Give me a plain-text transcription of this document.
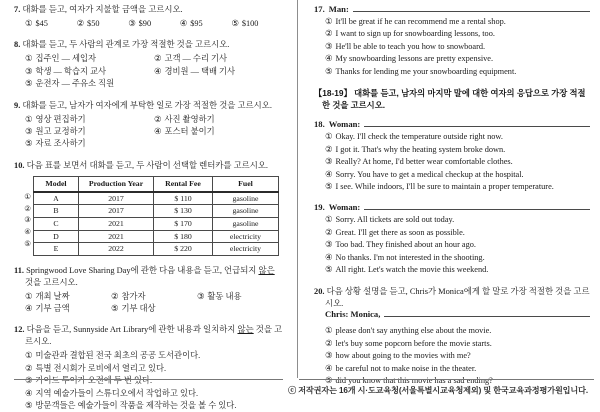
7. 대화를 듣고, 여자가 지불할 금액을 고르시오.
① $45	② $50	③ $90	④ $95	⑤ $100
8. 대화를 듣고, 두 사람의 관계로 가장 적절한 것을 고르시오.
① 집주인 — 세입자	② 고객 — 수리 기사
③ 학생 — 학습지 교사	④ 경비원 — 택배 기사
⑤ 운전자 — 주유소 직원
9. 대화를 듣고, 남자가 여자에게 부탁한 일로 가장 적절한 것을 고르시오.
① 영상 편집하기	② 사진 촬영하기
③ 원고 교정하기	④ 포스터 붙이기
⑤ 자료 조사하기
10. 다음 표를 보면서 대화를 듣고, 두 사람이 선택할 렌터카를 고르시오.
①
②
③
④
⑤
Model	Production Year	Rental Fee	Fuel
A	2017	$ 110	gasoline
B	2017	$ 130	gasoline
C	2021	$ 170	gasoline
D	2021	$ 180	electricity
E	2022	$ 220	electricity
11. Springwood Love Sharing Day에 관한 다음 내용을 듣고, 언급되지 않은 것을 고르시오.
① 개최 날짜	② 참가자	③ 활동 내용
④ 기부 금액	⑤ 기부 대상
12. 다음을 듣고, Sunnyside Art Library에 관한 내용과 일치하지 않는 것을 고르시오.
① 미술관과 결합된 전국 최초의 공공 도서관이다.
② 특별 전시회가 로비에서 열리고 있다.
③ 가이드 투어가 오전에 두 번 있다.
④ 지역 예술가들이 스튜디오에서 작업하고 있다.
⑤ 방문객들은 예술가들이 작품을 제작하는 것을 볼 수 있다.
17. Man:
① It'll be great if he can recommend me a rental shop.
② I want to sign up for snowboarding lessons, too.
③ He'll be able to teach you how to snowboard.
④ My snowboarding lessons are pretty expensive.
⑤ Thanks for lending me your snowboarding equipment.
【18-19】 대화를 듣고, 남자의 마지막 말에 대한 여자의 응답으로 가장 적절한 것을 고르시오.
18. Woman:
① Okay. I'll check the temperature outside right now.
② I got it. That's why the heating system broke down.
③ Really? At home, I'd better wear comfortable clothes.
④ Sorry. You have to get a medical checkup at the hospital.
⑤ I see. While indoors, I'll be sure to maintain a proper temperature.
19. Woman:
① Sorry. All tickets are sold out today.
② Great. I'll get there as soon as possible.
③ Too bad. They finished about an hour ago.
④ No thanks. I'm not interested in the shooting.
⑤ All right. Let's watch the movie this weekend.
20. 다음 상황 설명을 듣고, Chris가 Monica에게 할 말로 가장 적절한 것을 고르시오.
Chris: Monica,
① please don't say anything else about the movie.
② let's buy some popcorn before the movie starts.
③ how about going to the movies with me?
④ be careful not to make noise in the theater.
⑤ did you know that this movie has a sad ending?
ⓒ 저작권자는 16개 시·도교육청(서울특별시교육청제외) 및 한국교육과정평가원입니다.
